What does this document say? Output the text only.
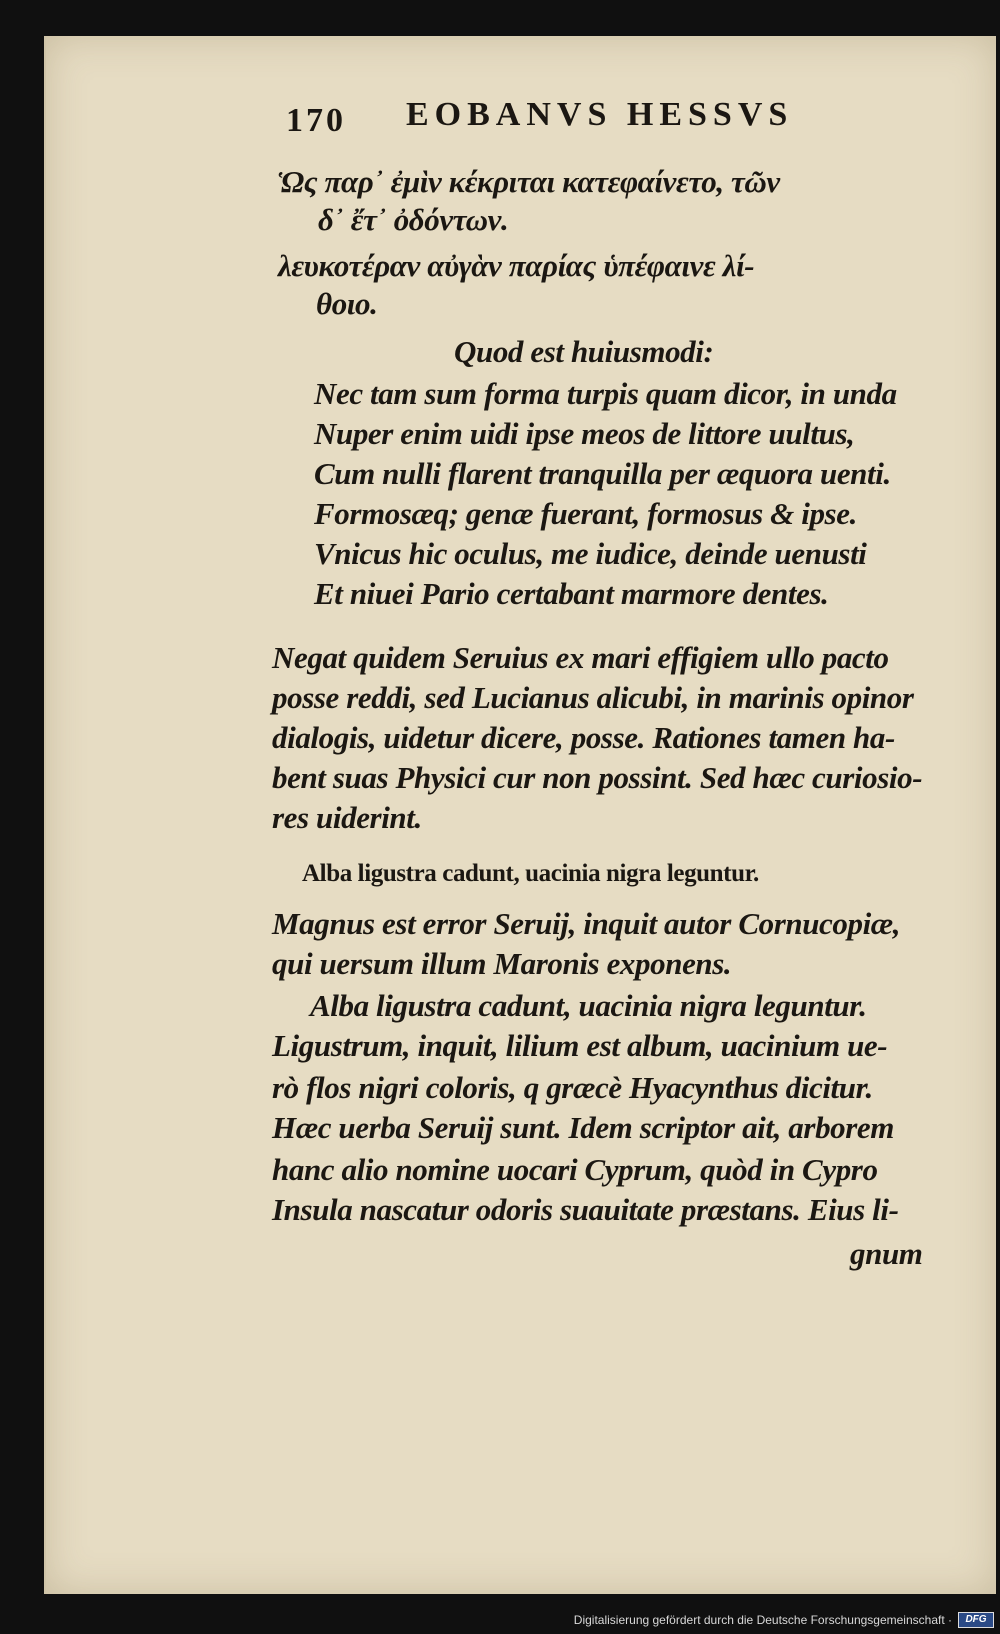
170 EOBANVS HESSVS
Ὡς παρ᾽ ἐμὶν κέκριται κατεφαίνετο, τῶν
δ᾽ ἔτ᾽ ὀδόντων.
λευκοτέραν αὐγὰν παρίας ὑπέφαινε λί-
θοιο.
Quod est huiusmodi:
Nec tam sum forma turpis quam dicor, in unda
Nuper enim uidi ipse meos de littore uultus,
Cum nulli flarent tranquilla per æquora uenti.
Formosæq; genæ fuerant, formosus & ipse.
Vnicus hic oculus, me iudice, deinde uenusti
Et niuei Pario certabant marmore dentes.
Negat quidem Seruius ex mari effigiem ullo pacto
posse reddi, sed Lucianus alicubi, in marinis opinor
dialogis, uidetur dicere, posse. Rationes tamen ha-
bent suas Physici cur non possint. Sed hæc curiosio-
res uiderint.
Alba ligustra cadunt, uacinia nigra leguntur.
Magnus est error Seruij, inquit autor Cornucopiæ,
qui uersum illum Maronis exponens.
Alba ligustra cadunt, uacinia nigra leguntur.
Ligustrum, inquit, lilium est album, uacinium ue-
rò flos nigri coloris, q græcè Hyacynthus dicitur.
Hæc uerba Seruij sunt. Idem scriptor ait, arborem
hanc alio nomine uocari Cyprum, quòd in Cypro
Insula nascatur odoris suauitate præstans. Eius li-
gnum
Digitalisierung gefördert durch die Deutsche Forschungsgemeinschaft ·	DFG
